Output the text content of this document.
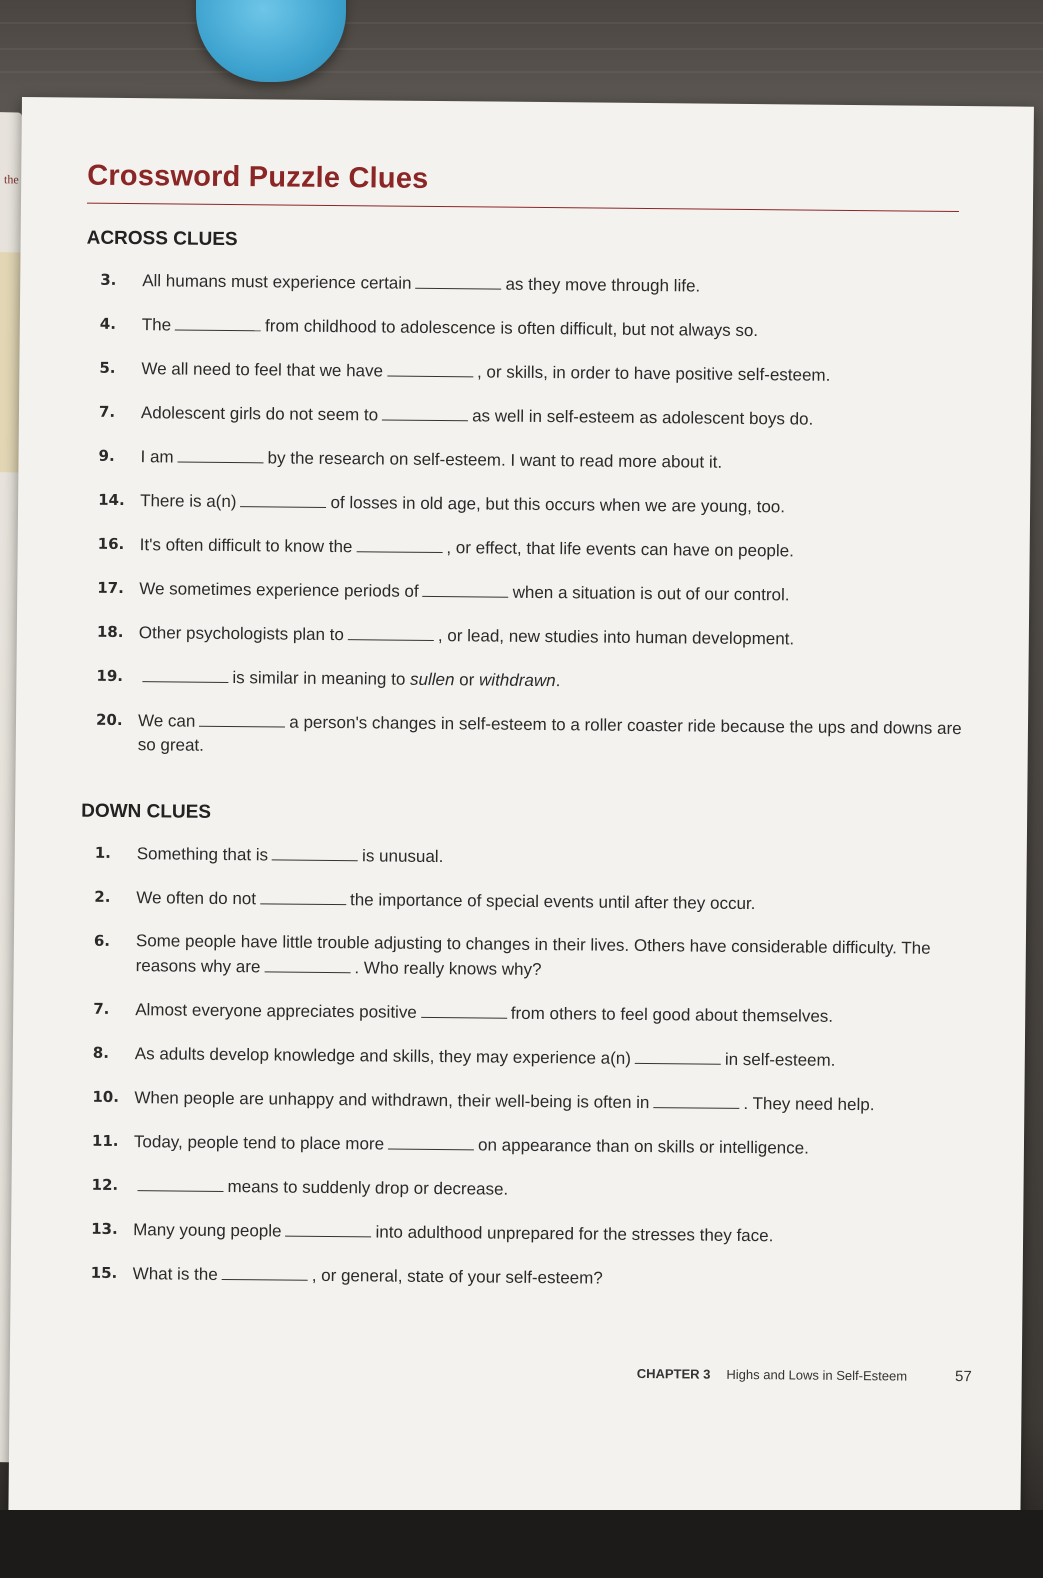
the Crossword Puzzle Clues
ACROSS CLUES
3. All humans must experience certain	as they move through life.
4. The	from childhood to adolescence is often difficult, but not always so.
5. We all need to feel that we have	, or skills, in order to have positive self-esteem.
7. Adolescent girls do not seem to	as well in self-esteem as adolescent boys do.
9. I am	by the research on self-esteem. I want to read more about it.
14. There is a(n)	of losses in old age, but this occurs when we are young, too.
16. It's often difficult to know the	, or effect, that life events can have on people.
17. We sometimes experience periods of	when a situation is out of our control.
18. Other psychologists plan to	, or lead, new studies into human development.
19.	is similar in meaning to sullen or withdrawn.
20. We can	a person's changes in self-esteem to a roller coaster ride because the ups and downs are so great.
DOWN CLUES
1. Something that is	is unusual.
2. We often do not	the importance of special events until after they occur.
6. Some people have little trouble adjusting to changes in their lives. Others have considerable difficulty. The reasons why are	. Who really knows why?
7. Almost everyone appreciates positive	from others to feel good about themselves.
8. As adults develop knowledge and skills, they may experience a(n)	in self-esteem.
10. When people are unhappy and withdrawn, their well-being is often in	. They need help.
11. Today, people tend to place more	on appearance than on skills or intelligence.
12.	means to suddenly drop or decrease.
13. Many young people	into adulthood unprepared for the stresses they face.
15. What is the	, or general, state of your self-esteem?
CHAPTER 3 Highs and Lows in Self-Esteem	57
